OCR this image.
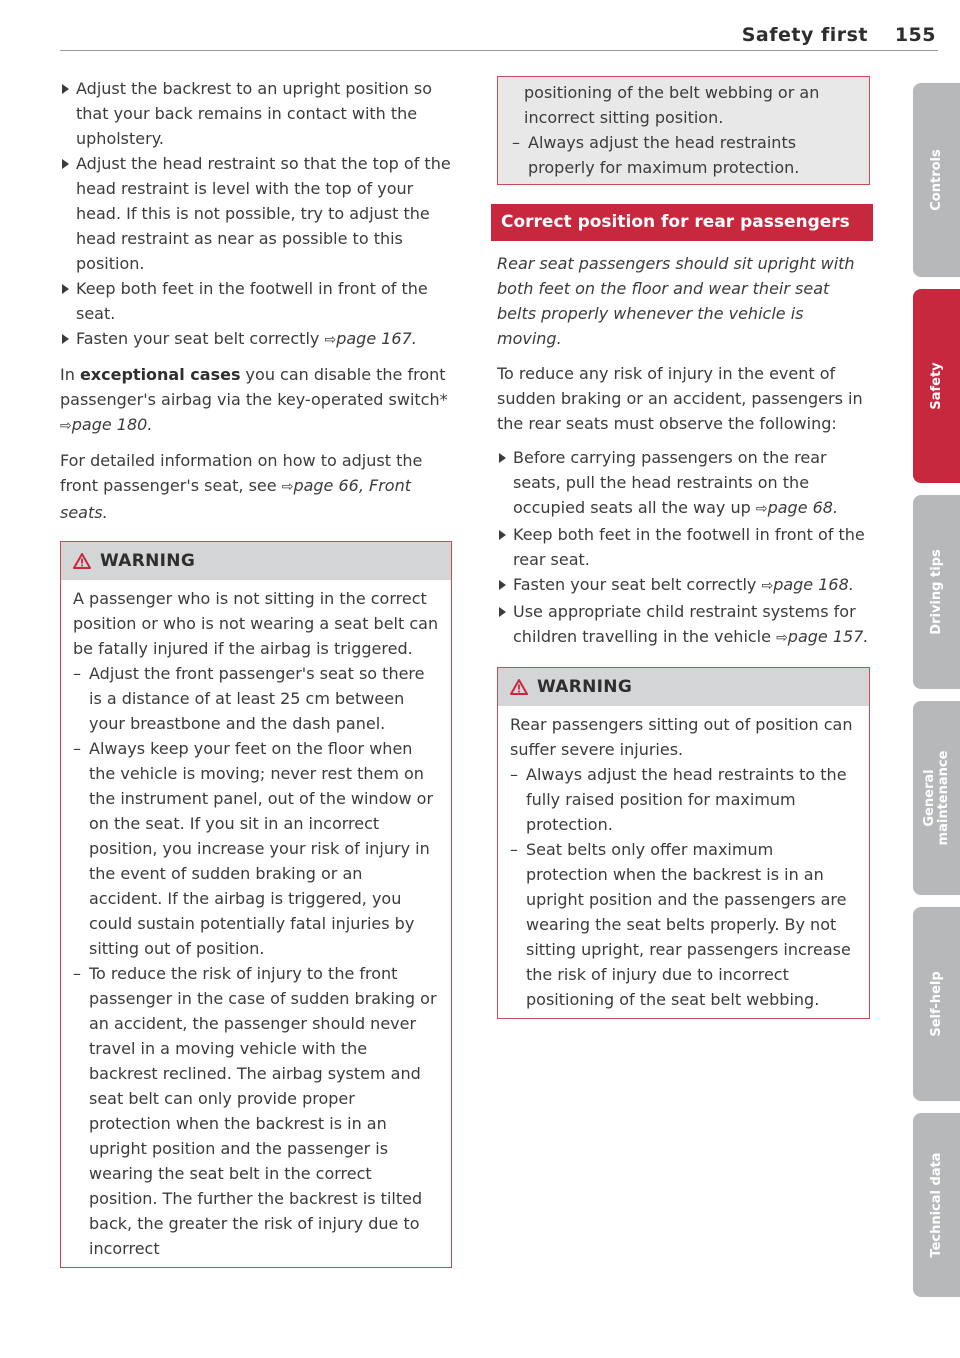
Safety first 155

Adjust the backrest to an upright position so that your back remains in contact with the upholstery.

Adjust the head restraint so that the top of the head restraint is level with the top of your head. If this is not possible, try to adjust the head restraint as near as possible to this position.

Keep both feet in the footwell in front of the seat.

Fasten your seat belt correctly ⇨page 167.

In exceptional cases you can disable the front passenger's airbag via the key-operated switch* ⇨page 180.

For detailed information on how to adjust the front passenger's seat, see ⇨page 66, Front seats.

WARNING

A passenger who is not sitting in the correct position or who is not wearing a seat belt can be fatally injured if the airbag is triggered.

– Adjust the front passenger's seat so there is a distance of at least 25 cm between your breastbone and the dash panel.

– Always keep your feet on the floor when the vehicle is moving; never rest them on the instrument panel, out of the window or on the seat. If you sit in an incorrect position, you increase your risk of injury in the event of sudden braking or an accident. If the airbag is triggered, you could sustain potentially fatal injuries by sitting out of position.

– To reduce the risk of injury to the front passenger in the case of sudden braking or an accident, the passenger should never travel in a moving vehicle with the backrest reclined. The airbag system and seat belt can only provide proper protection when the backrest is in an upright position and the passenger is wearing the seat belt in the correct position. The further the backrest is tilted back, the greater the risk of injury due to incorrect

positioning of the belt webbing or an incorrect sitting position.

– Always adjust the head restraints properly for maximum protection.

Correct position for rear passengers

Rear seat passengers should sit upright with both feet on the floor and wear their seat belts properly whenever the vehicle is moving.

To reduce any risk of injury in the event of sudden braking or an accident, passengers in the rear seats must observe the following:

Before carrying passengers on the rear seats, pull the head restraints on the occupied seats all the way up ⇨page 68.

Keep both feet in the footwell in front of the rear seat.

Fasten your seat belt correctly ⇨page 168.

Use appropriate child restraint systems for children travelling in the vehicle ⇨page 157.

WARNING

Rear passengers sitting out of position can suffer severe injuries.

– Always adjust the head restraints to the fully raised position for maximum protection.

– Seat belts only offer maximum protection when the backrest is in an upright position and the passengers are wearing the seat belts properly. By not sitting upright, rear passengers increase the risk of injury due to incorrect positioning of the seat belt webbing.

Controls
Safety
Driving tips
General maintenance
Self-help
Technical data
